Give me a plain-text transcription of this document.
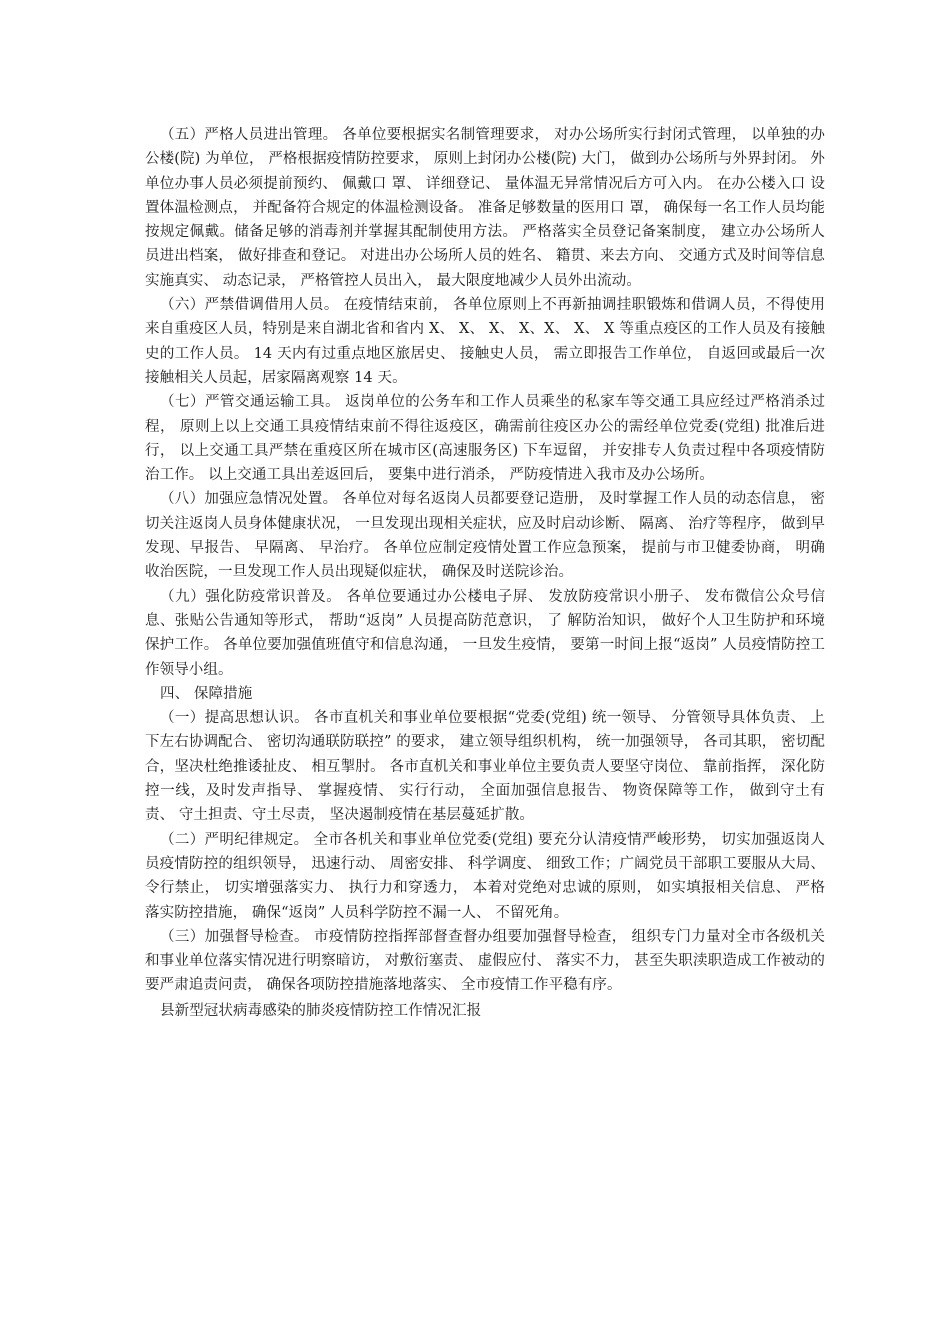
（五）严格人员进出管理。 各单位要根据实名制管理要求， 对办公场所实行封闭式管理， 以单独的办公楼(院) 为单位， 严格根据疫情防控要求， 原则上封闭办公楼(院) 大门， 做到办公场所与外界封闭。 外单位办事人员必须提前预约、 佩戴口 罩、 详细登记、 量体温无异常情况后方可入内。 在办公楼入口 设置体温检测点， 并配备符合规定的体温检测设备。 准备足够数量的医用口 罩， 确保每一名工作人员均能按规定佩戴。储备足够的消毒剂并掌握其配制使用方法。 严格落实全员登记备案制度， 建立办公场所人员进出档案， 做好排查和登记。 对进出办公场所人员的姓名、 籍贯、来去方向、 交通方式及时间等信息实施真实、 动态记录， 严格管控人员出入， 最大限度地减少人员外出流动。

（六）严禁借调借用人员。 在疫情结束前， 各单位原则上不再新抽调挂职锻炼和借调人员，不得使用来自重疫区人员，特别是来自湖北省和省内 X、 X、 X、 X、X、 X、 X 等重点疫区的工作人员及有接触史的工作人员。 14 天内有过重点地区旅居史、 接触史人员， 需立即报告工作单位， 自返回或最后一次接触相关人员起，居家隔离观察 14 天。

（七）严管交通运输工具。 返岗单位的公务车和工作人员乘坐的私家车等交通工具应经过严格消杀过程， 原则上以上交通工具疫情结束前不得往返疫区，确需前往疫区办公的需经单位党委(党组) 批准后进行， 以上交通工具严禁在重疫区所在城市区(高速服务区) 下车逗留， 并安排专人负责过程中各项疫情防治工作。 以上交通工具出差返回后， 要集中进行消杀， 严防疫情进入我市及办公场所。

（八）加强应急情况处置。 各单位对每名返岗人员都要登记造册， 及时掌握工作人员的动态信息， 密切关注返岗人员身体健康状况， 一旦发现出现相关症状，应及时启动诊断、 隔离、 治疗等程序， 做到早发现、早报告、 早隔离、 早治疗。 各单位应制定疫情处置工作应急预案， 提前与市卫健委协商， 明确收治医院，一旦发现工作人员出现疑似症状， 确保及时送院诊治。

（九）强化防疫常识普及。 各单位要通过办公楼电子屏、 发放防疫常识小册子、 发布微信公众号信息、张贴公告通知等形式， 帮助“返岗” 人员提高防范意识， 了 解防治知识， 做好个人卫生防护和环境保护工作。 各单位要加强值班值守和信息沟通， 一旦发生疫情， 要第一时间上报“返岗” 人员疫情防控工作领导小组。

四、 保障措施

（一）提高思想认识。 各市直机关和事业单位要根据“党委(党组) 统一领导、 分管领导具体负责、 上下左右协调配合、 密切沟通联防联控” 的要求， 建立领导组织机构， 统一加强领导， 各司其职， 密切配合，坚决杜绝推诿扯皮、 相互掣肘。 各市直机关和事业单位主要负责人要坚守岗位、 靠前指挥， 深化防控一线，及时发声指导、 掌握疫情、 实行行动， 全面加强信息报告、 物资保障等工作， 做到守土有责、 守土担责、守土尽责， 坚决遏制疫情在基层蔓延扩散。

（二）严明纪律规定。 全市各机关和事业单位党委(党组) 要充分认清疫情严峻形势， 切实加强返岗人员疫情防控的组织领导， 迅速行动、 周密安排、 科学调度、 细致工作；广阔党员干部职工要服从大局、 令行禁止， 切实增强落实力、 执行力和穿透力， 本着对党绝对忠诚的原则， 如实填报相关信息、 严格落实防控措施， 确保“返岗” 人员科学防控不漏一人、 不留死角。

（三）加强督导检查。 市疫情防控指挥部督查督办组要加强督导检查， 组织专门力量对全市各级机关和事业单位落实情况进行明察暗访， 对敷衍塞责、 虚假应付、 落实不力， 甚至失职渎职造成工作被动的要严肃追责问责， 确保各项防控措施落地落实、 全市疫情工作平稳有序。

县新型冠状病毒感染的肺炎疫情防控工作情况汇报
